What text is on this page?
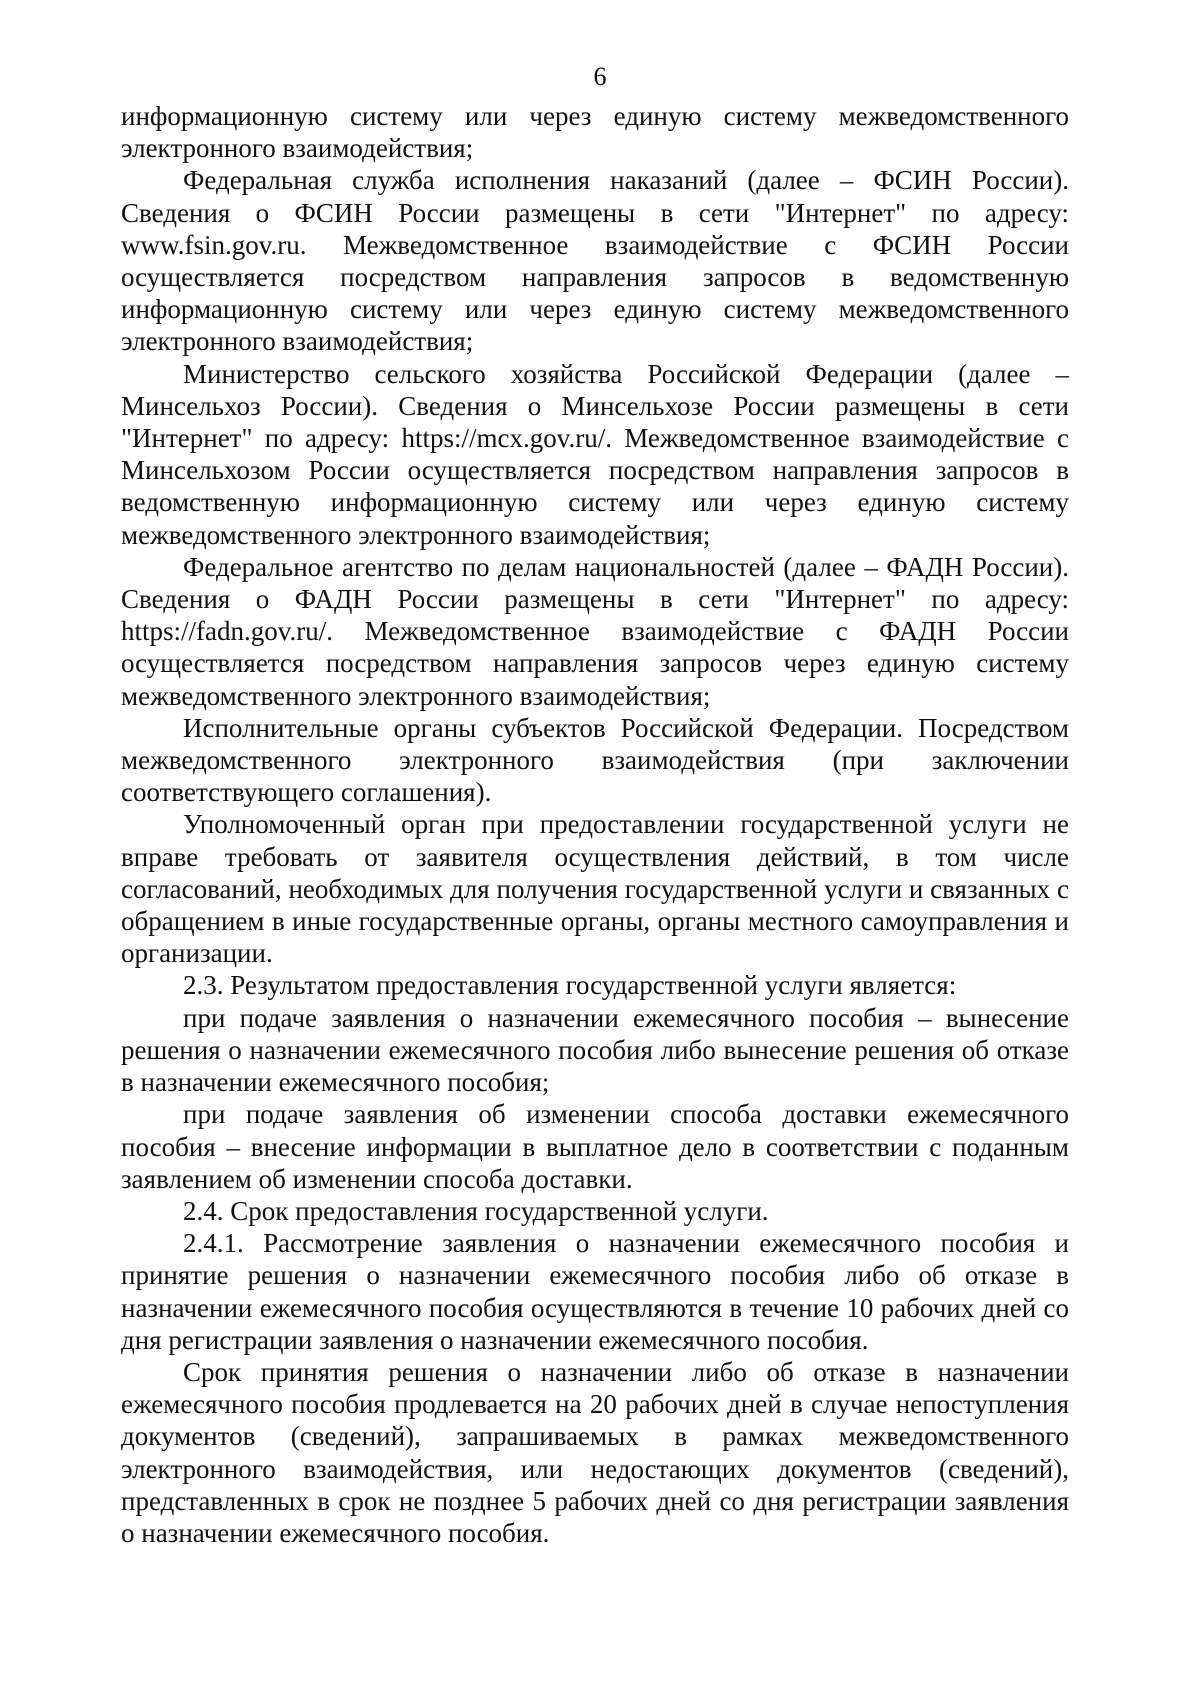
6

информационную систему или через единую систему межведомственного электронного взаимодействия;

Федеральная служба исполнения наказаний (далее – ФСИН России). Сведения о ФСИН России размещены в сети "Интернет" по адресу: www.fsin.gov.ru. Межведомственное взаимодействие с ФСИН России осуществляется посредством направления запросов в ведомственную информационную систему или через единую систему межведомственного электронного взаимодействия;

Министерство сельского хозяйства Российской Федерации (далее – Минсельхоз России). Сведения о Минсельхозе России размещены в сети "Интернет" по адресу: https://mcx.gov.ru/. Межведомственное взаимодействие с Минсельхозом России осуществляется посредством направления запросов в ведомственную информационную систему или через единую систему межведомственного электронного взаимодействия;

Федеральное агентство по делам национальностей (далее – ФАДН России). Сведения о ФАДН России размещены в сети "Интернет" по адресу: https://fadn.gov.ru/. Межведомственное взаимодействие с ФАДН России осуществляется посредством направления запросов через единую систему межведомственного электронного взаимодействия;

Исполнительные органы субъектов Российской Федерации. Посредством межведомственного электронного взаимодействия (при заключении соответствующего соглашения).

Уполномоченный орган при предоставлении государственной услуги не вправе требовать от заявителя осуществления действий, в том числе согласований, необходимых для получения государственной услуги и связанных с обращением в иные государственные органы, органы местного самоуправления и организации.

2.3. Результатом предоставления государственной услуги является:

при подаче заявления о назначении ежемесячного пособия – вынесение решения о назначении ежемесячного пособия либо вынесение решения об отказе в назначении ежемесячного пособия;

при подаче заявления об изменении способа доставки ежемесячного пособия – внесение информации в выплатное дело в соответствии с поданным заявлением об изменении способа доставки.

2.4. Срок предоставления государственной услуги.

2.4.1. Рассмотрение заявления о назначении ежемесячного пособия и принятие решения о назначении ежемесячного пособия либо об отказе в назначении ежемесячного пособия осуществляются в течение 10 рабочих дней со дня регистрации заявления о назначении ежемесячного пособия.

Срок принятия решения о назначении либо об отказе в назначении ежемесячного пособия продлевается на 20 рабочих дней в случае непоступления документов (сведений), запрашиваемых в рамках межведомственного электронного взаимодействия, или недостающих документов (сведений), представленных в срок не позднее 5 рабочих дней со дня регистрации заявления о назначении ежемесячного пособия.
